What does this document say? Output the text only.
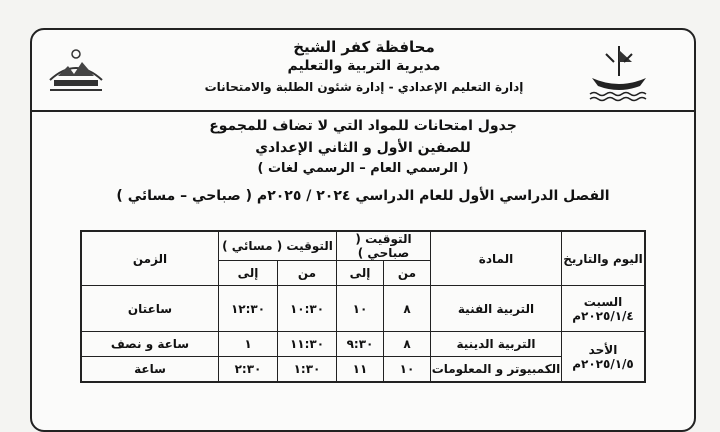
محافظة كفر الشيخ
مديرية التربية والتعليم
إدارة التعليم الإعدادي - إدارة شئون الطلبة والامتحانات
جدول امتحانات للمواد التي لا تضاف للمجموع
للصفين الأول و الثاني الإعدادي
( الرسمي العام – الرسمي لغات )
الفصل الدراسي الأول للعام الدراسي ٢٠٢٤ / ٢٠٢٥م ( صباحي – مسائي )
اليوم والتاريخ	المادة	التوقيت ( صباحي )		التوقيت ( مسائي )		الزمن
		من	إلى	من	إلى	

السبت
٢٠٢٥/١/٤م	التربية الفنية	٨	١٠	١٠:٣٠	١٢:٣٠	ساعتان

الأحد
٢٠٢٥/١/٥م	التربية الدينية	٨	٩:٣٠	١١:٣٠	١	ساعة و نصف
	الكمبيوتر و المعلومات	١٠	١١	١:٣٠	٢:٣٠	ساعة
